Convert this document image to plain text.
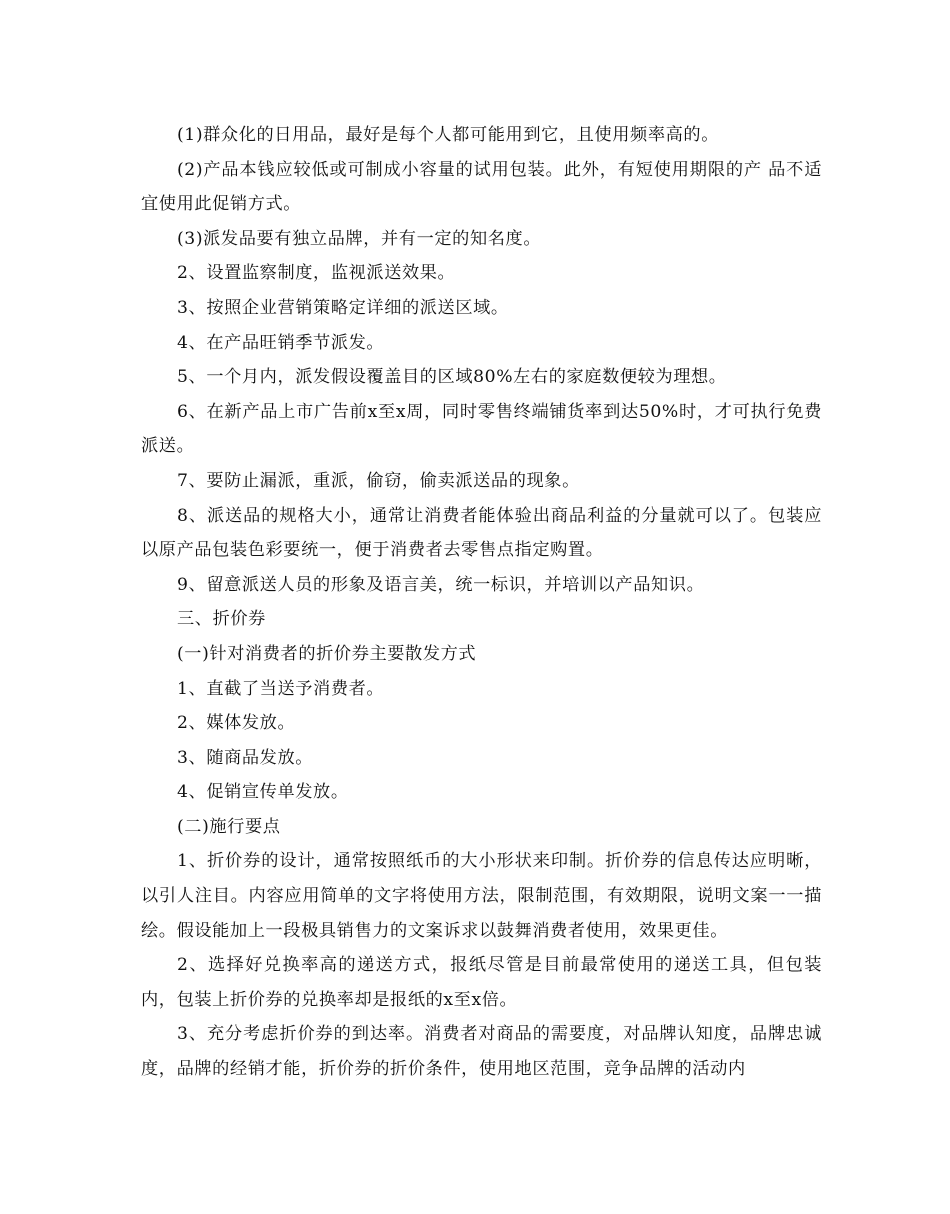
(1)群众化的日用品，最好是每个人都可能用到它，且使用频率高的。

(2)产品本钱应较低或可制成小容量的试用包装。此外，有短使用期限的产 品不适宜使用此促销方式。

(3)派发品要有独立品牌，并有一定的知名度。

2、设置监察制度，监视派送效果。

3、按照企业营销策略定详细的派送区域。

4、在产品旺销季节派发。

5、一个月内，派发假设覆盖目的区域80%左右的家庭数便较为理想。

6、在新产品上市广告前x至x周，同时零售终端铺货率到达50%时，才可执行免费派送。

7、要防止漏派，重派，偷窃，偷卖派送品的现象。

8、派送品的规格大小，通常让消费者能体验出商品利益的分量就可以了。包装应以原产品包装色彩要统一，便于消费者去零售点指定购置。

9、留意派送人员的形象及语言美，统一标识，并培训以产品知识。

三、折价券

(一)针对消费者的折价券主要散发方式

1、直截了当送予消费者。

2、媒体发放。

3、随商品发放。

4、促销宣传单发放。

(二)施行要点

1、折价券的设计，通常按照纸币的大小形状来印制。折价券的信息传达应明晰，以引人注目。内容应用简单的文字将使用方法，限制范围，有效期限，说明文案一一描绘。假设能加上一段极具销售力的文案诉求以鼓舞消费者使用，效果更佳。

2、选择好兑换率高的递送方式，报纸尽管是目前最常使用的递送工具，但包装内，包装上折价券的兑换率却是报纸的x至x倍。

3、充分考虑折价券的到达率。消费者对商品的需要度，对品牌认知度，品牌忠诚度，品牌的经销才能，折价券的折价条件，使用地区范围，竞争品牌的活动内
